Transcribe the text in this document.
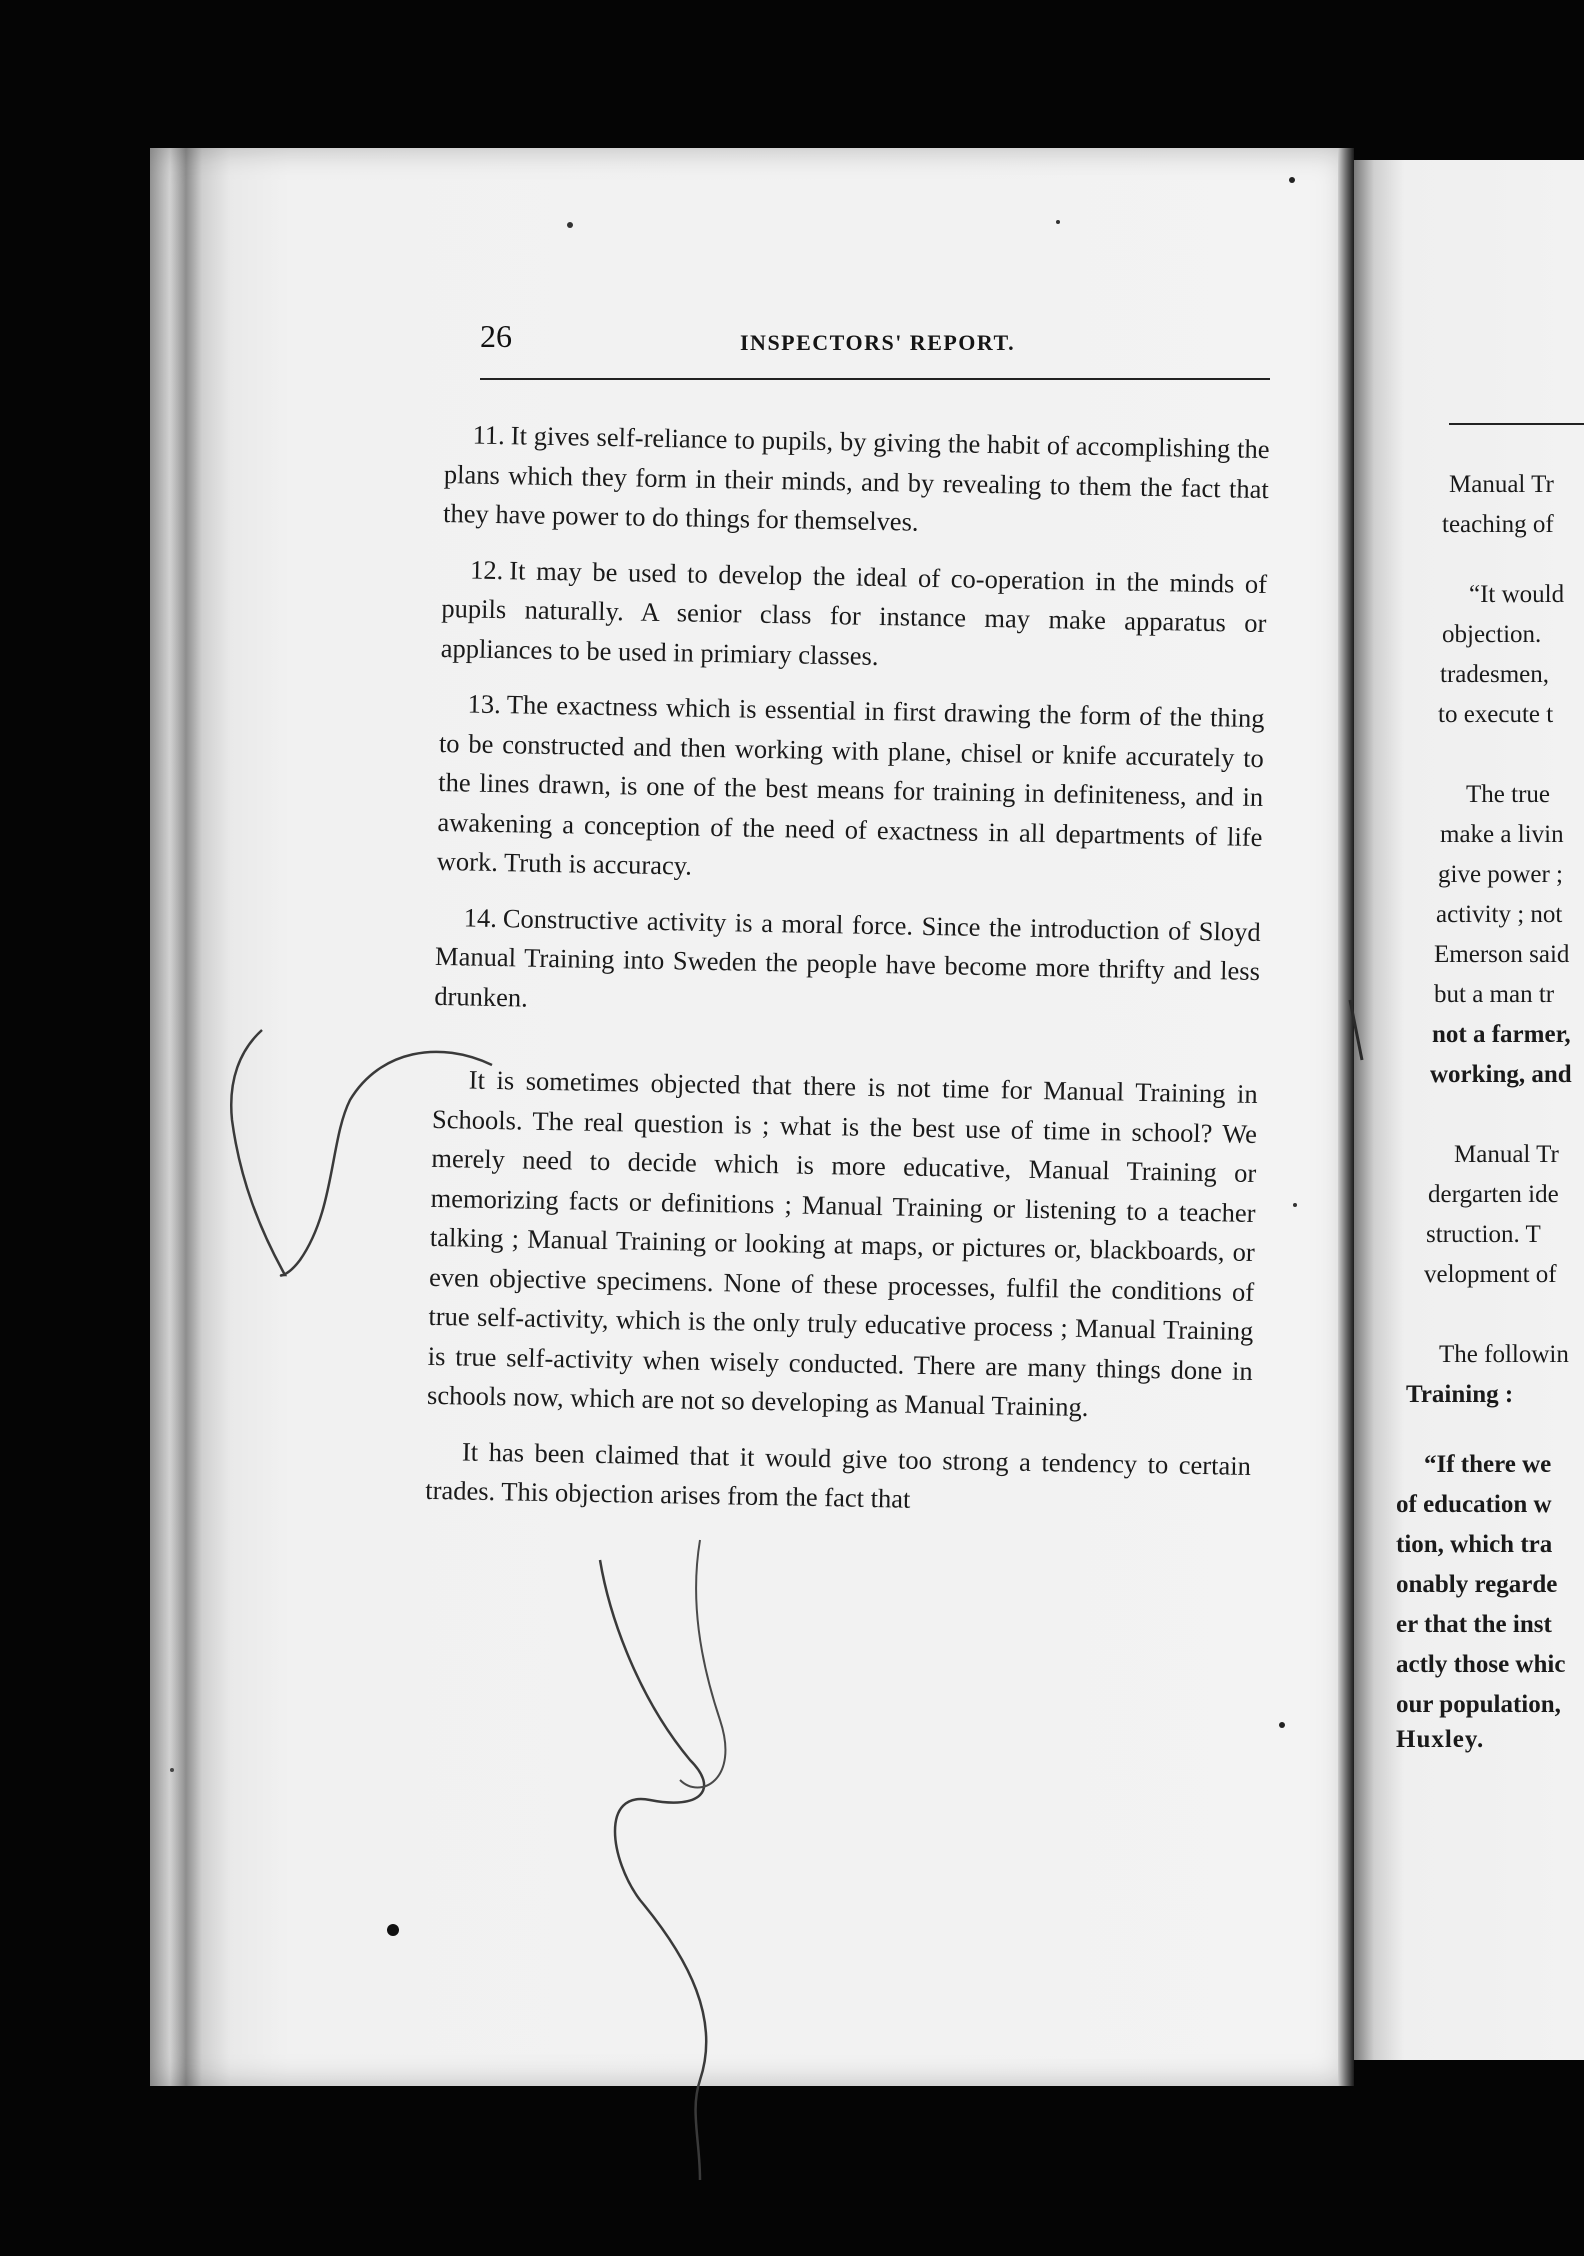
26	INSPECTORS' REPORT.

11. It gives self-reliance to pupils, by giving the habit of accomplishing the plans which they form in their minds, and by revealing to them the fact that they have power to do things for themselves.

12. It may be used to develop the ideal of co-operation in the minds of pupils naturally. A senior class for instance may make apparatus or appliances to be used in primiary classes.

13. The exactness which is essential in first drawing the form of the thing to be constructed and then working with plane, chisel or knife accurately to the lines drawn, is one of the best means for training in definiteness, and in awakening a conception of the need of exactness in all departments of life work. Truth is accuracy.

14. Constructive activity is a moral force. Since the introduction of Sloyd Manual Training into Sweden the people have become more thrifty and less drunken.

It is sometimes objected that there is not time for Manual Training in Schools. The real question is ; what is the best use of time in school? We merely need to decide which is more educative, Manual Training or memorizing facts or definitions ; Manual Training or listening to a teacher talking ; Manual Training or looking at maps, or pictures or, blackboards, or even objective specimens. None of these processes, fulfil the conditions of true self-activity, which is the only truly educative process ; Manual Training is true self-activity when wisely conducted. There are many things done in schools now, which are not so developing as Manual Training.

It has been claimed that it would give too strong a tendency to certain trades. This objection arises from the fact that

Manual Tr
teaching of
“It would
objection.
tradesmen,
to execute t
The true
make a livin
give power ;
activity ; not
Emerson said
but a man tr
not a farmer,
working, and
Manual Tr
dergarten ide
struction. T
velopment of
The followin
Training :
“If there we
of education w
tion, which tra
onably regarde
er that the inst
actly those whic
our population,
Huxley.
